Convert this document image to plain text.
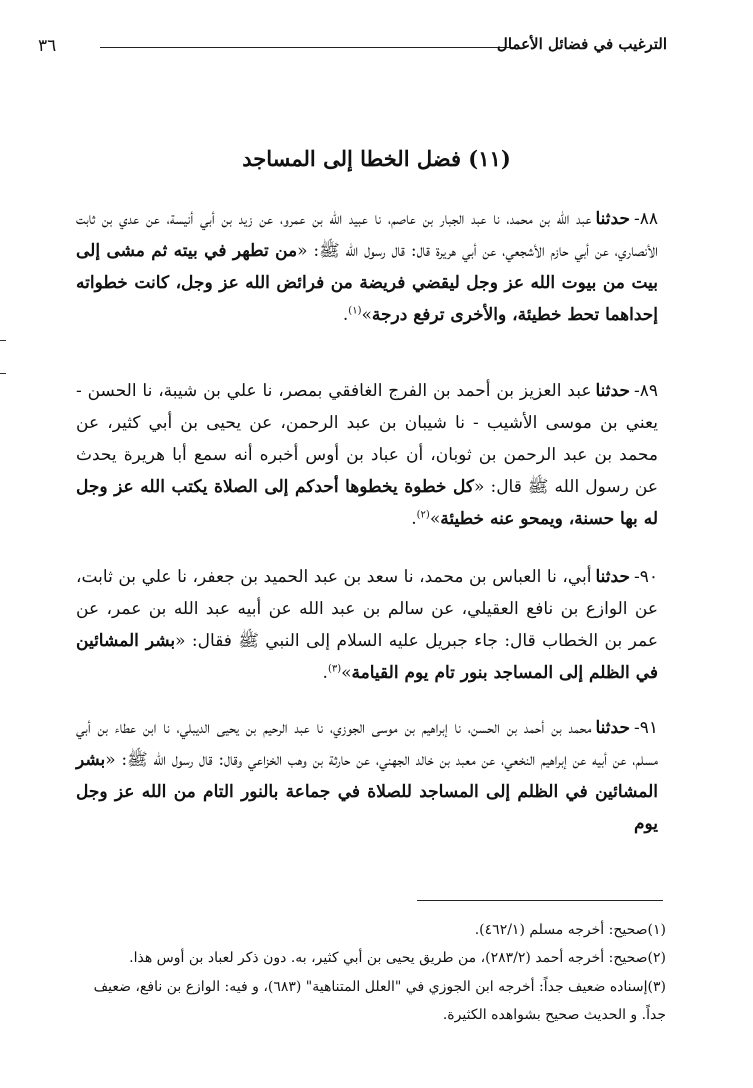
٣٦	الترغيب في فضائل الأعمال
(١١) فضل الخطا إلى المساجد
٨٨-حدثناعبد الله بن محمد، نا عبد الجبار بن عاصم، نا عبيد الله بن عمرو، عن زيد بن أبي أنيسة، عن عدي بن ثابت الأنصاري، عن أبي حازم الأشجعي، عن أبي هريرة قال: قال رسول الله ﷺ: «من تطهر في بيته ثم مشى إلى بيت من بيوت الله عز وجل ليقضي فريضة من فرائض الله عز وجل، كانت خطواته إحداهما تحط خطيئة، والأخرى ترفع درجة»$^{(١)}$.
٨٩-حدثناعبد العزيز بن أحمد بن الفرج الغافقي بمصر، نا علي بن شيبة، نا الحسن - يعني بن موسى الأشيب - نا شيبان بن عبد الرحمن، عن يحيى بن أبي كثير، عن محمد بن عبد الرحمن بن ثوبان، أن عباد بن أوس أخبره أنه سمع أبا هريرة يحدث عن رسول الله ﷺ قال: «كل خطوة يخطوها أحدكم إلى الصلاة يكتب الله عز وجل له بها حسنة، ويمحو عنه خطيئة»$^{(٢)}$.
٩٠-حدثناأبي، نا العباس بن محمد، نا سعد بن عبد الحميد بن جعفر، نا علي بن ثابت، عن الوازع بن نافع العقيلي، عن سالم بن عبد الله عن أبيه عبد الله بن عمر، عن عمر بن الخطاب قال: جاء جبريل عليه السلام إلى النبي ﷺ فقال: «بشر المشائين في الظلم إلى المساجد بنور تام يوم القيامة»$^{(٣)}$.
٩١-حدثنامحمد بن أحمد بن الحسن، نا إبراهيم بن موسى الجوزي، نا عبد الرحيم بن يحيى الديبلي، نا ابن عطاء بن أبي مسلم، عن أبيه عن إبراهيم النخعي، عن معبد بن خالد الجهني، عن حارثة بن وهب الخزاعي وقال: قال رسول الله ﷺ: «بشر المشائين في الظلم إلى المساجد للصلاة في جماعة بالنور التام من الله عز وجل يوم

(١)صحيح: أخرجه مسلم (٤٦٢/١).

(٢)صحيح: أخرجه أحمد (٢٨٣/٢)، من طريق يحيى بن أبي كثير، به. دون ذكر لعباد بن أوس هذا.

(٣)إسناده ضعيف جداً: أخرجه ابن الجوزي في "العلل المتناهية" (٦٨٣)، و فيه: الوازع بن نافع، ضعيف جداً. و الحديث صحيح بشواهده الكثيرة.
